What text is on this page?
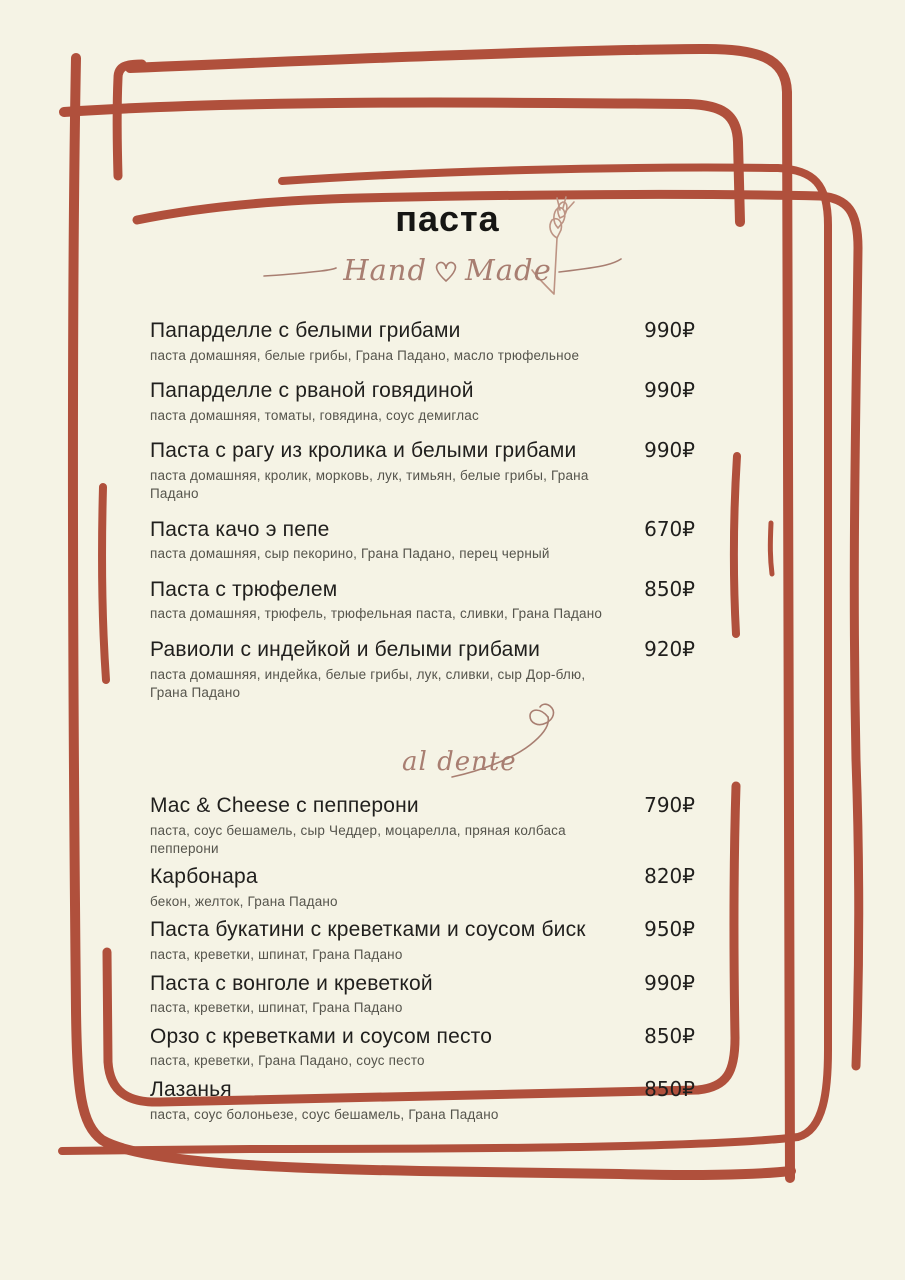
паста
Hand Made
Папарделле с белыми грибами	990₽
паста домашняя, белые грибы, Грана Падано, масло трюфельное
Папарделле с рваной говядиной	990₽
паста домашняя, томаты, говядина, соус демиглас
Паста с рагу из кролика и белыми грибами	990₽
паста домашняя, кролик, морковь, лук, тимьян, белые грибы, Грана Падано
Паста качо э пепе	670₽
паста домашняя, сыр пекорино, Грана Падано, перец черный
Паста с трюфелем	850₽
паста домашняя, трюфель, трюфельная паста, сливки, Грана Падано
Равиоли с индейкой и белыми грибами	920₽
паста домашняя, индейка, белые грибы, лук, сливки, сыр Дор-блю, Грана Падано
al dente
Mac & Cheese с пепперони	790₽
паста, соус бешамель, сыр Чеддер, моцарелла, пряная колбаса пепперони
Карбонара	820₽
бекон, желток, Грана Падано
Паста букатини с креветками и соусом биск	950₽
паста, креветки, шпинат, Грана Падано
Паста с вонголе и креветкой	990₽
паста, креветки, шпинат, Грана Падано
Орзо с креветками и соусом песто	850₽
паста, креветки, Грана Падано, соус песто
Лазанья	850₽
паста, соус болоньезе, соус бешамель, Грана Падано
